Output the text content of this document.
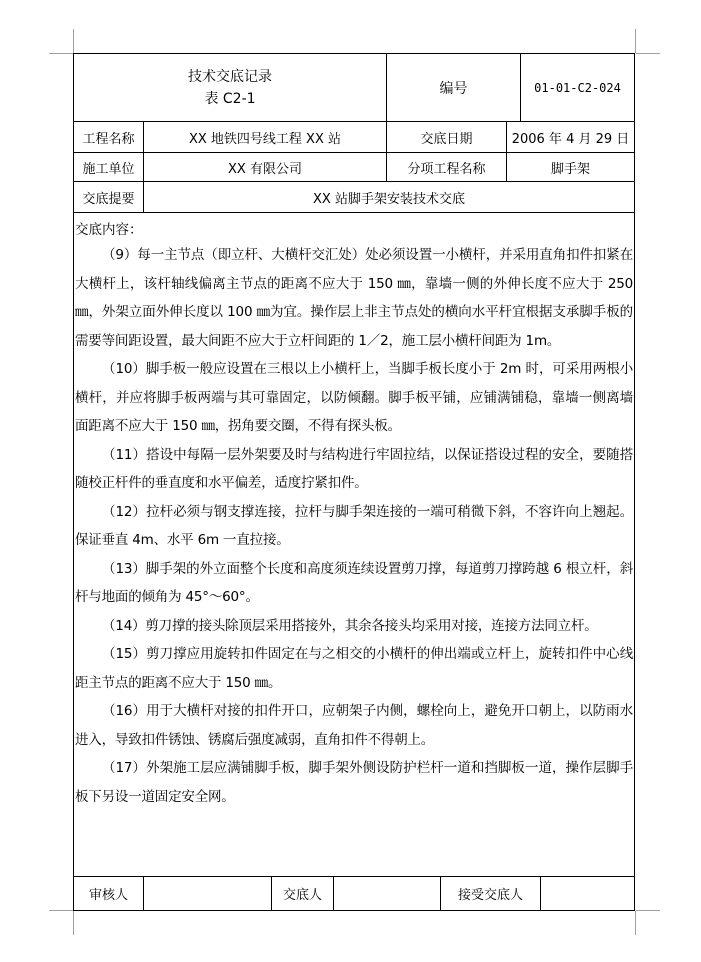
技术交底记录
表 C2-1
编号	01-01-C2-024
工程名称	XX 地铁四号线工程 XX 站	交底日期	2006 年 4 月 29 日
施工单位	XX 有限公司	分项工程名称	脚手架
交底提要	XX 站脚手架安装技术交底
交底内容：

（9）每一主节点（即立杆、大横杆交汇处）处必须设置一小横杆，并采用直角扣件扣紧在大横杆上，该杆轴线偏离主节点的距离不应大于 150 ㎜，靠墙一侧的外伸长度不应大于 250 ㎜，外架立面外伸长度以 100 ㎜为宜。操作层上非主节点处的横向水平杆宜根据支承脚手板的需要等间距设置，最大间距不应大于立杆间距的 1／2，施工层小横杆间距为 1m。

（10）脚手板一般应设置在三根以上小横杆上，当脚手板长度小于 2m 时，可采用两根小横杆，并应将脚手板两端与其可靠固定，以防倾翻。脚手板平铺，应铺满铺稳，靠墙一侧离墙面距离不应大于 150 ㎜，拐角要交圈，不得有探头板。

（11）搭设中每隔一层外架要及时与结构进行牢固拉结，以保证搭设过程的安全，要随搭随校正杆件的垂直度和水平偏差，适度拧紧扣件。

（12）拉杆必须与钢支撑连接，拉杆与脚手架连接的一端可稍微下斜，不容许向上翘起。保证垂直 4m、水平 6m 一直拉接。

（13）脚手架的外立面整个长度和高度须连续设置剪刀撑，每道剪刀撑跨越 6 根立杆，斜杆与地面的倾角为 45°～60°。

（14）剪刀撑的接头除顶层采用搭接外，其余各接头均采用对接，连接方法同立杆。

（15）剪刀撑应用旋转扣件固定在与之相交的小横杆的伸出端或立杆上，旋转扣件中心线距主节点的距离不应大于 150 ㎜。

（16）用于大横杆对接的扣件开口，应朝架子内侧，螺栓向上，避免开口朝上，以防雨水进入，导致扣件锈蚀、锈腐后强度减弱，直角扣件不得朝上。

（17）外架施工层应满铺脚手板，脚手架外侧设防护栏杆一道和挡脚板一道，操作层脚手板下另设一道固定安全网。

审核人	交底人	接受交底人
